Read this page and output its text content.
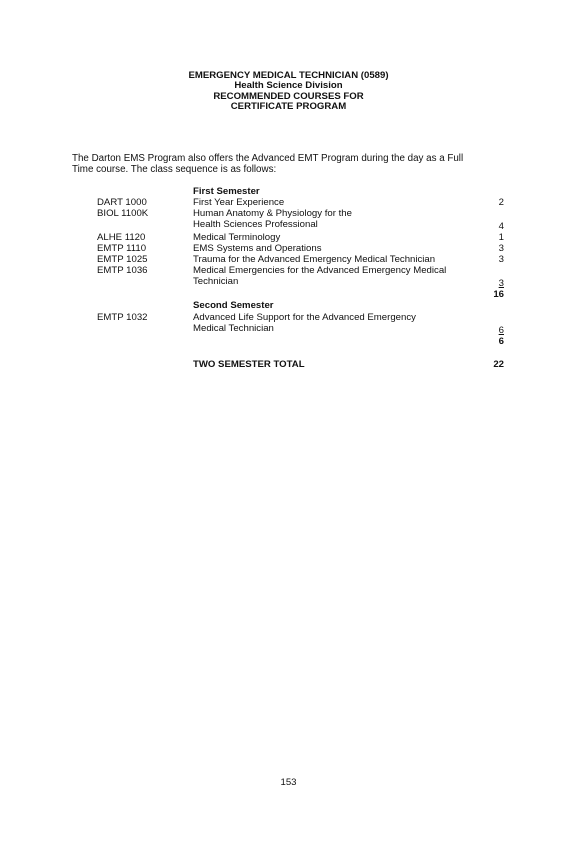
EMERGENCY MEDICAL TECHNICIAN (0589)
Health Science Division
RECOMMENDED COURSES FOR
CERTIFICATE PROGRAM
The Darton EMS Program also offers the Advanced EMT Program during the day as a Full
Time course. The class sequence is as follows:
First Semester
DART 1000	First Year Experience	2
BIOL 1100K	Human Anatomy & Physiology for the
Health Sciences Professional	4
ALHE 1120	Medical Terminology	1
EMTP 1110	EMS Systems and Operations	3
EMTP 1025	Trauma for the Advanced Emergency Medical Technician	3
EMTP 1036	Medical Emergencies for the Advanced Emergency Medical
Technician	3
16
Second Semester
EMTP 1032	Advanced Life Support for the Advanced Emergency
Medical Technician	6
6
TWO SEMESTER TOTAL	22
153
